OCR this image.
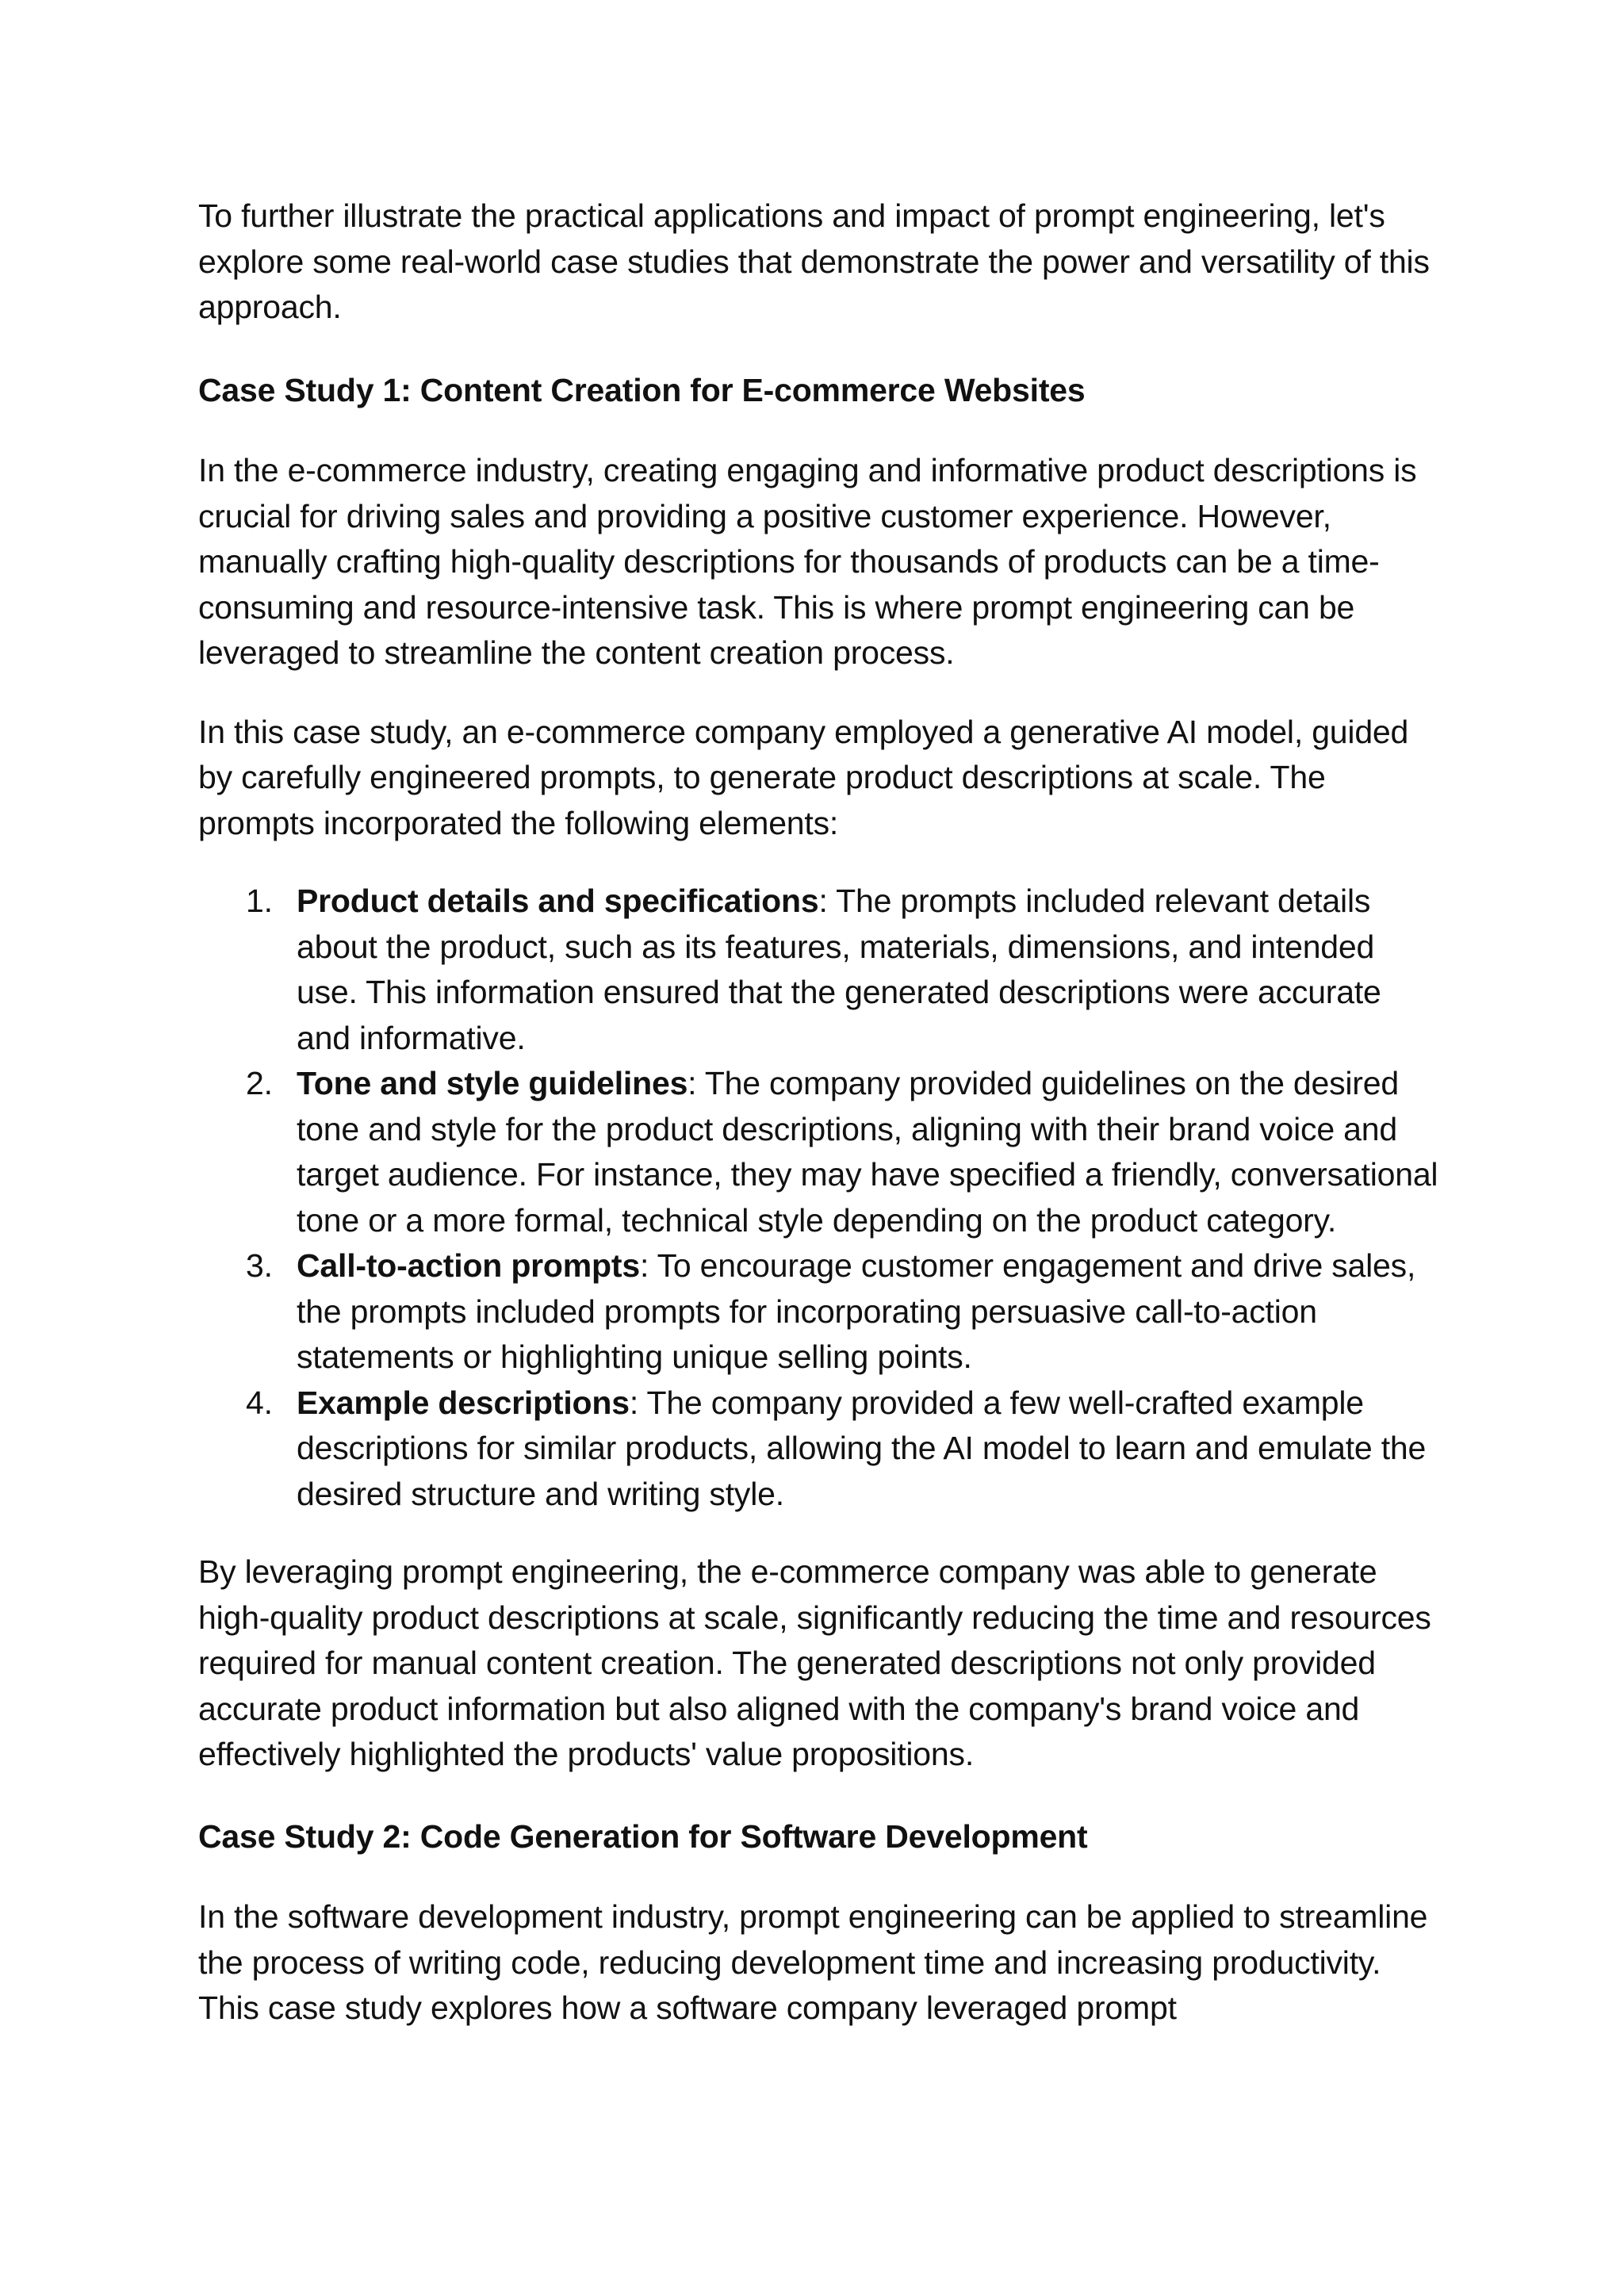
To further illustrate the practical applications and impact of prompt engineering, let's explore some real-world case studies that demonstrate the power and versatility of this approach.

Case Study 1: Content Creation for E-commerce Websites

In the e-commerce industry, creating engaging and informative product descriptions is crucial for driving sales and providing a positive customer experience. However, manually crafting high-quality descriptions for thousands of products can be a time-consuming and resource-intensive task. This is where prompt engineering can be leveraged to streamline the content creation process.

In this case study, an e-commerce company employed a generative AI model, guided by carefully engineered prompts, to generate product descriptions at scale. The prompts incorporated the following elements:

1. Product details and specifications: The prompts included relevant details about the product, such as its features, materials, dimensions, and intended use. This information ensured that the generated descriptions were accurate and informative.
2. Tone and style guidelines: The company provided guidelines on the desired tone and style for the product descriptions, aligning with their brand voice and target audience. For instance, they may have specified a friendly, conversational tone or a more formal, technical style depending on the product category.
3. Call-to-action prompts: To encourage customer engagement and drive sales, the prompts included prompts for incorporating persuasive call-to-action statements or highlighting unique selling points.
4. Example descriptions: The company provided a few well-crafted example descriptions for similar products, allowing the AI model to learn and emulate the desired structure and writing style.

By leveraging prompt engineering, the e-commerce company was able to generate high-quality product descriptions at scale, significantly reducing the time and resources required for manual content creation. The generated descriptions not only provided accurate product information but also aligned with the company's brand voice and effectively highlighted the products' value propositions.

Case Study 2: Code Generation for Software Development

In the software development industry, prompt engineering can be applied to streamline the process of writing code, reducing development time and increasing productivity. This case study explores how a software company leveraged prompt
